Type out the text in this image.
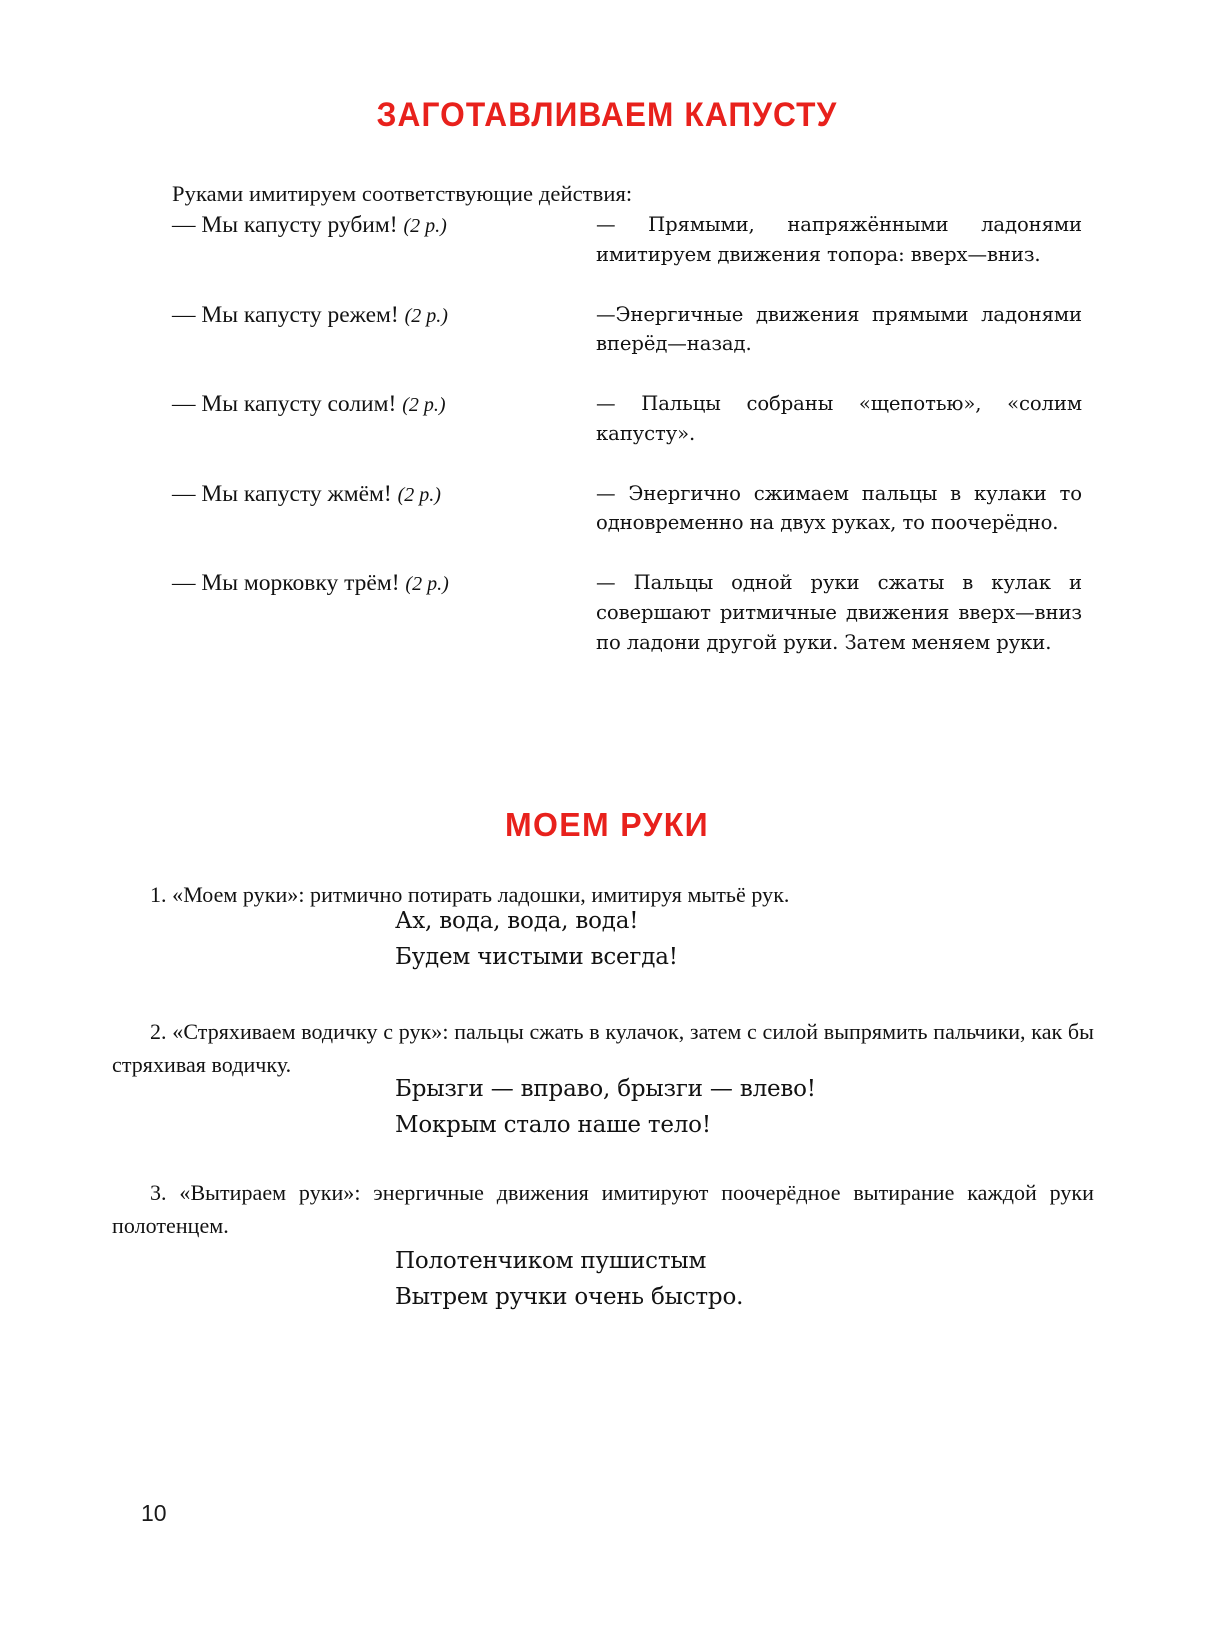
ЗАГОТАВЛИВАЕМ КАПУСТУ

Руками имитируем соответствующие действия:

— Мы капусту рубим! (2 р.)	— Прямыми, напряжёнными ладонями имитируем движения топора: вверх—вниз.
— Мы капусту режем! (2 р.)	—Энергичные движения прямыми ладонями вперёд—назад.
— Мы капусту солим! (2 р.)	— Пальцы собраны «щепотью», «солим капусту».
— Мы капусту жмём! (2 р.)	— Энергично сжимаем пальцы в кулаки то одновременно на двух руках, то поочерёдно.
— Мы морковку трём! (2 р.)	— Пальцы одной руки сжаты в кулак и совершают ритмичные движения вверх—вниз по ладони другой руки. Затем меняем руки.
МОЕМ РУКИ

1. «Моем руки»: ритмично потирать ладошки, имитируя мытьё рук.

Ах, вода, вода, вода!
Будем чистыми всегда!

2. «Стряхиваем водичку с рук»: пальцы сжать в кулачок, затем с силой выпрямить пальчики, как бы стряхивая водичку.

Брызги — вправо, брызги — влево!
Мокрым стало наше тело!

3. «Вытираем руки»: энергичные движения имитируют поочерёдное вытирание каждой руки полотенцем.

Полотенчиком пушистым
Вытрем ручки очень быстро.
10
